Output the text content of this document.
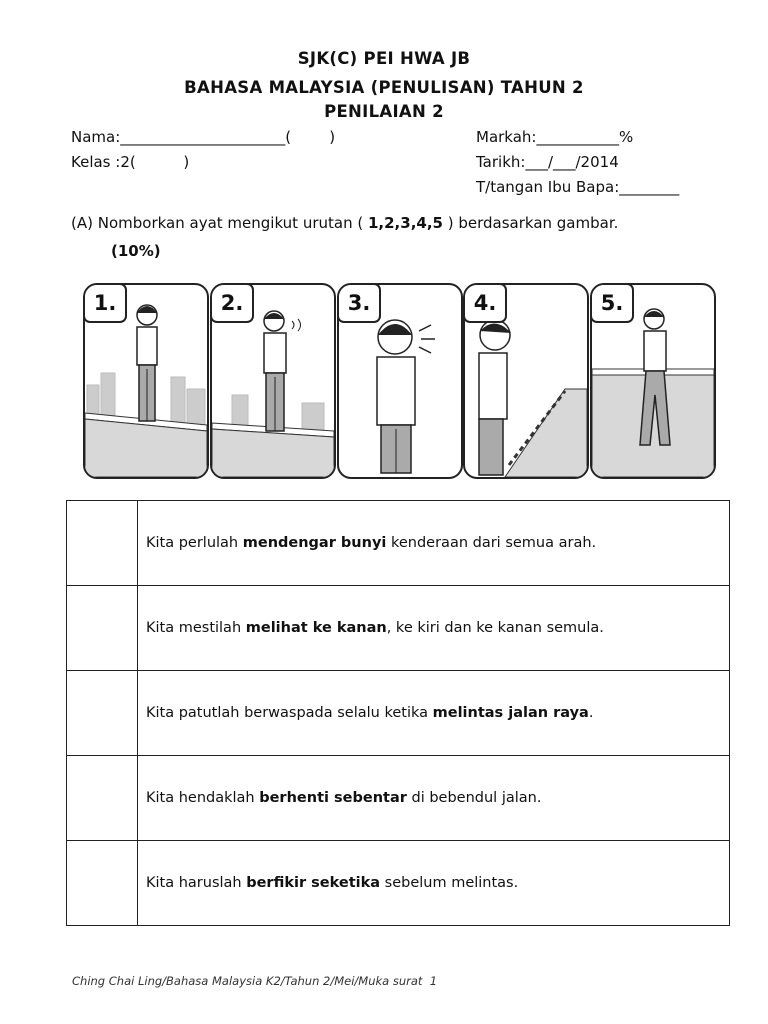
SJK(C) PEI HWA JB
BAHASA MALAYSIA (PENULISAN) TAHUN 2
PENILAIAN 2
Nama:______________________(        )
Kelas :2(          )
Markah:___________%
Tarikh:___/___/2014
T/tangan Ibu Bapa:________
(A) Nomborkan ayat mengikut urutan ( 1,2,3,4,5 ) berdasarkan gambar.
(10%)
1.	2.	3.	4.	5.
	Kita perlulah mendengar bunyi kenderaan dari semua arah.
	Kita mestilah melihat ke kanan, ke kiri dan ke kanan semula.
	Kita patutlah berwaspada selalu ketika melintas jalan raya.
	Kita hendaklah berhenti sebentar di bebendul jalan.
	Kita haruslah berfikir seketika sebelum melintas.
Ching Chai Ling/Bahasa Malaysia K2/Tahun 2/Mei/Muka surat  1
